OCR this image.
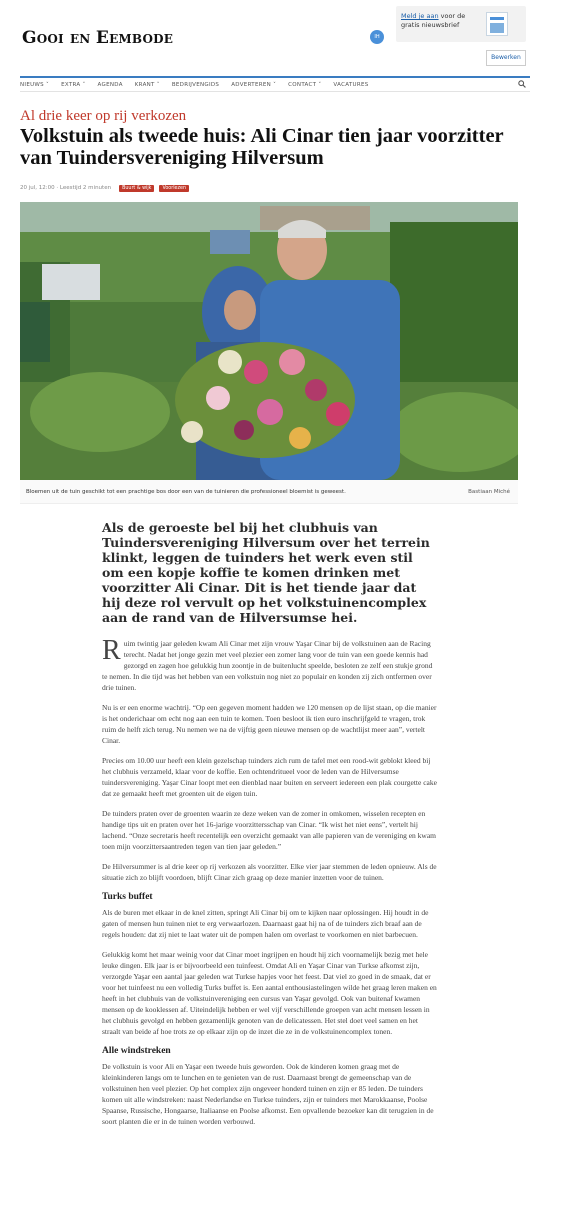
Gooi en Eembode	IH
Meld je aan voor de gratis nieuwsbrief
Bewerken
NIEUWS ˅ EXTRA ˅ AGENDA KRANT ˅ BEDRIJVENGIDS ADVERTEREN ˅ CONTACT ˅ VACATURES
Al drie keer op rij verkozen
Volkstuin als tweede huis: Ali Cinar tien jaar voorzitter van Tuindersvereniging Hilversum
20 jul, 12:00 · Leestijd 2 minuten	Buurt & wijk	Voorlezen
Bloemen uit de tuin geschikt tot een prachtige bos door een van de tuinieren die professioneel bloemist is geweest.	Bastiaan Miché

Als de geroeste bel bij het clubhuis van Tuindersvereniging Hilversum over het terrein klinkt, leggen de tuinders het werk even stil om een kopje koffie te komen drinken met voorzitter Ali Cinar. Dit is het tiende jaar dat hij deze rol vervult op het volkstuinencomplex aan de rand van de Hilversumse hei.

Ruim twintig jaar geleden kwam Ali Cinar met zijn vrouw Yaşar Cinar bij de volkstuinen aan de Racing terecht. Nadat het jonge gezin met veel plezier een zomer lang voor de tuin van een goede kennis had gezorgd en zagen hoe gelukkig hun zoontje in de buitenlucht speelde, besloten ze zelf een stukje grond te nemen. In die tijd was het hebben van een volkstuin nog niet zo populair en konden zij zich ontfermen over drie tuinen.

Nu is er een enorme wachtrij. “Op een gegeven moment hadden we 120 mensen op de lijst staan, op die manier is het onderichaar om echt nog aan een tuin te komen. Toen besloot ik tien euro inschrijfgeld te vragen, trok ruim de helft zich terug. Nu nemen we na de vijftig geen nieuwe mensen op de wachtlijst meer aan”, vertelt Cinar.

Precies om 10.00 uur heeft een klein gezelschap tuinders zich rum de tafel met een rood-wit geblokt kleed bij het clubhuis verzameld, klaar voor de koffie. Een ochtendritueel voor de leden van de Hilversumse tuindersvereniging. Yaşar Cinar loopt met een dienblad naar buiten en serveert iedereen een plak courgette cake dat ze gemaakt heeft met groenten uit de eigen tuin.

De tuinders praten over de groenten waarin ze deze weken van de zomer in omkomen, wisselen recepten en handige tips uit en praten over het 16-jarige voorzittersschap van Cinar. “Ik wist het niet eens”, vertelt hij lachend. “Onze secretaris heeft recentelijk een overzicht gemaakt van alle papieren van de vereniging en kwam toen mijn voorzittersaantreden tegen van tien jaar geleden.”

De Hilversummer is al drie keer op rij verkozen als voorzitter. Elke vier jaar stemmen de leden opnieuw. Als de situatie zich zo blijft voordoen, blijft Cinar zich graag op deze manier inzetten voor de tuinen.

Turks buffet

Als de buren met elkaar in de knel zitten, springt Ali Cinar bij om te kijken naar oplossingen. Hij houdt in de gaten of mensen hun tuinen niet te erg verwaarlozen. Daarnaast gaat hij na of de tuinders zich braaf aan de regels houden: dat zij niet te laat water uit de pompen halen om overlast te voorkomen en niet barbecuen.

Gelukkig komt het maar weinig voor dat Cinar moet ingrijpen en houdt hij zich voornamelijk bezig met hele leuke dingen. Elk jaar is er bijvoorbeeld een tuinfeest. Omdat Ali en Yaşar Cinar van Turkse afkomst zijn, verzorgde Yaşar een aantal jaar geleden wat Turkse hapjes voor het feest. Dat viel zo goed in de smaak, dat er voor het tuinfeest nu een volledig Turks buffet is. Een aantal enthousiastelingen wilde het graag leren maken en heeft in het clubhuis van de volkstuinvereniging een cursus van Yaşar gevolgd. Ook van buitenaf kwamen mensen op de kooklessen af. Uiteindelijk hebben er wel vijf verschillende groepen van acht mensen lessen in het clubhuis gevolgd en hebben gezamenlijk genoten van de delicatessen. Het stel doet veel samen en het straalt van beide af hoe trots ze op elkaar zijn op de inzet die ze in de volkstuinencomplex tonen.

Alle windstreken

De volkstuin is voor Ali en Yaşar een tweede huis geworden. Ook de kinderen komen graag met de kleinkinderen langs om te lunchen en te genieten van de rust. Daarnaast brengt de gemeenschap van de volkstuinen hen veel plezier. Op het complex zijn ongeveer honderd tuinen en zijn er 85 leden. De tuinders komen uit alle windstreken: naast Nederlandse en Turkse tuinders, zijn er tuinders met Marokkaanse, Poolse Spaanse, Russische, Hongaarse, Italiaanse en Poolse afkomst. Een opvallende bezoeker kan dit terugzien in de soort planten die er in de tuinen worden verbouwd.
